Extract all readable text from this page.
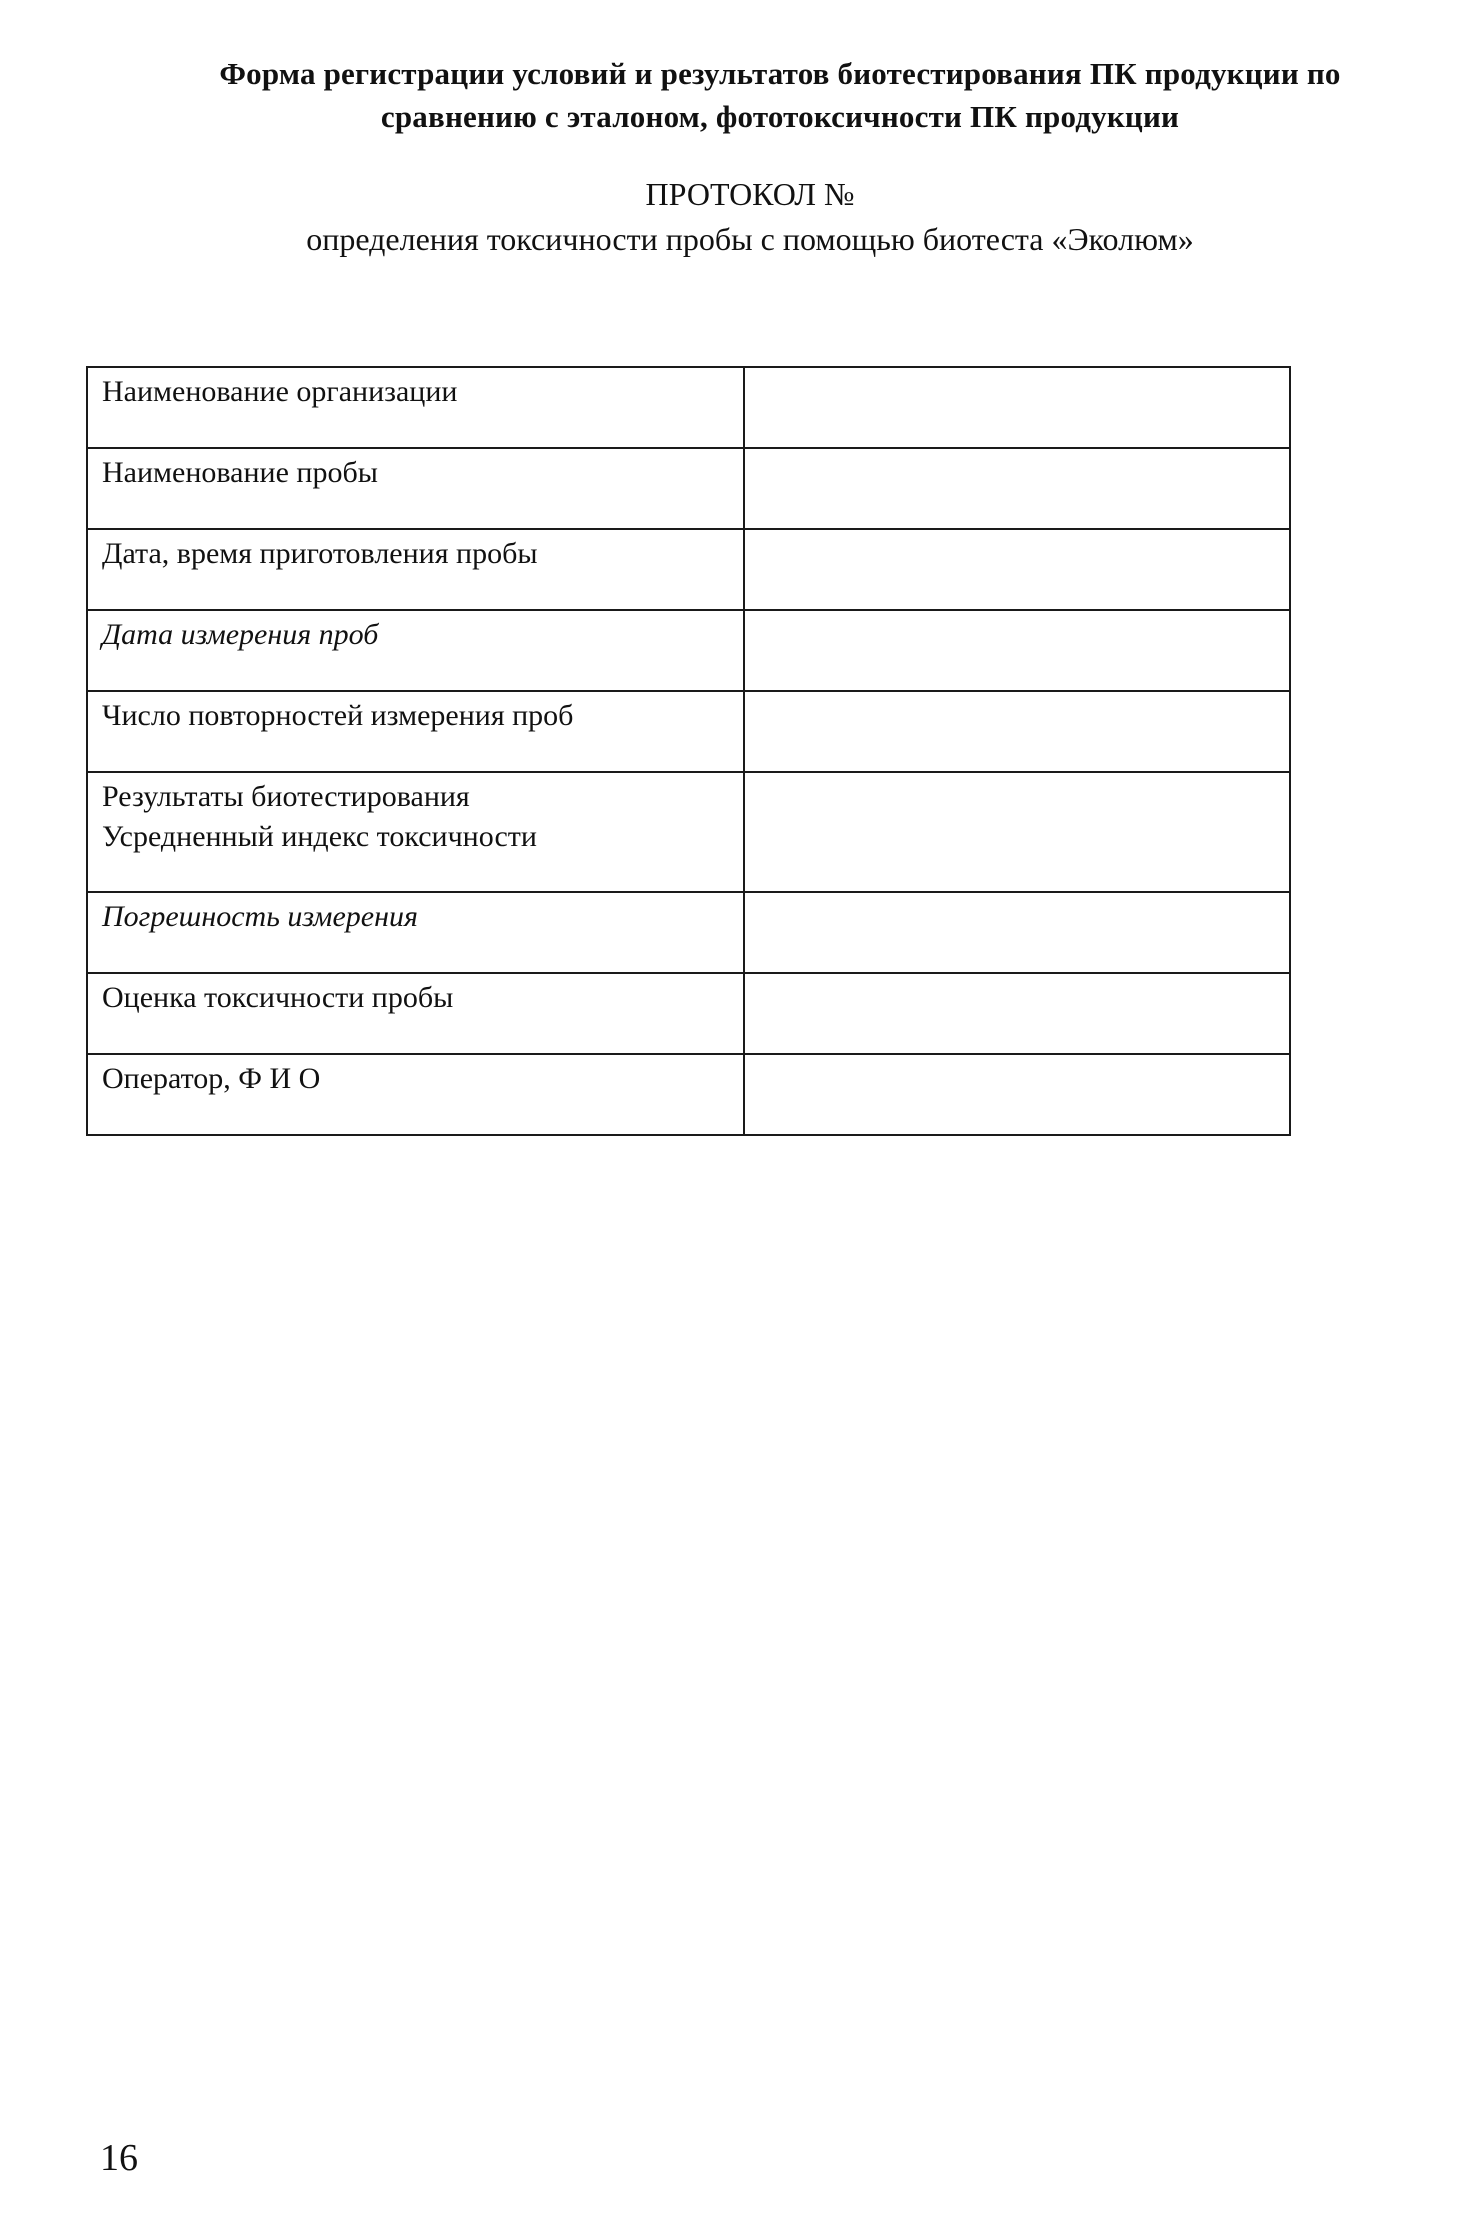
Форма регистрации условий и результатов биотестирования ПК продукции по
сравнению с эталоном, фототоксичности ПК продукции
ПРОТОКОЛ №
определения токсичности пробы с помощью биотеста «Эколюм»
Наименование организации	

Наименование пробы	

Дата, время приготовления пробы	

Дата измерения проб	

Число повторностей измерения проб	

Результаты биотестирования
Усредненный индекс токсичности	

Погрешность измерения	

Оценка токсичности пробы	

Оператор, Ф И О	

16
